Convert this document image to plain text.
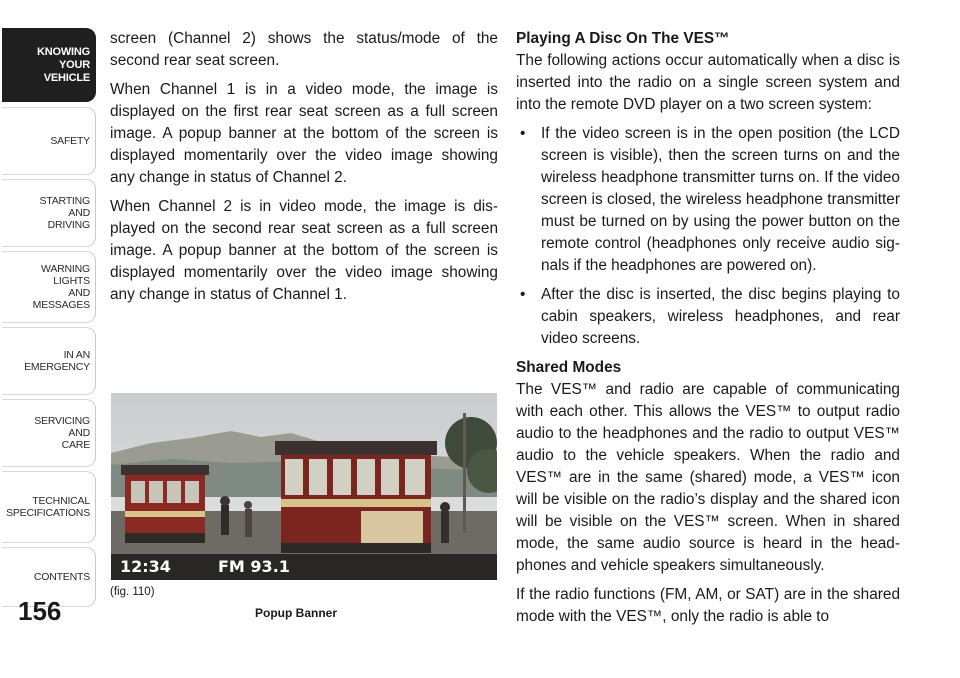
KNOWING
YOUR
VEHICLE
SAFETY
STARTING
AND
DRIVING
WARNING
LIGHTS
AND
MESSAGES
IN AN
EMERGENCY
SERVICING
AND
CARE
TECHNICAL
SPECIFICATIONS
CONTENTS
156

screen (Channel 2) shows the status/mode of the second rear seat screen.

When Channel 1 is in a video mode, the image is displayed on the first rear seat screen as a full screen image. A popup banner at the bottom of the screen is displayed momentarily over the video image showing any change in status of Channel 2.

When Channel 2 is in video mode, the image is dis-played on the second rear seat screen as a full screen image. A popup banner at the bottom of the screen is displayed momentarily over the video image showing any change in status of Channel 1.

12:34	FM 93.1
(fig. 110)
Popup Banner
Playing A Disc On The VES™

The following actions occur automatically when a disc is inserted into the radio on a single screen system and into the remote DVD player on a two screen system:

• If the video screen is in the open position (the LCD screen is visible), then the screen turns on and the wireless headphone transmitter turns on. If the video screen is closed, the wireless headphone transmitter must be turned on by using the power button on the remote control (headphones only receive audio sig-nals if the headphones are powered on).
• After the disc is inserted, the disc begins playing to cabin speakers, wireless headphones, and rear video screens.
Shared Modes

The VES™ and radio are capable of communicating with each other. This allows the VES™ to output radio audio to the headphones and the radio to output VES™ audio to the vehicle speakers. When the radio and VES™ are in the same (shared) mode, a VES™ icon will be visible on the radio’s display and the shared icon will be visible on the VES™ screen. When in shared mode, the same audio source is heard in the head-phones and vehicle speakers simultaneously.

If the radio functions (FM, AM, or SAT) are in the shared mode with the VES™, only the radio is able to
